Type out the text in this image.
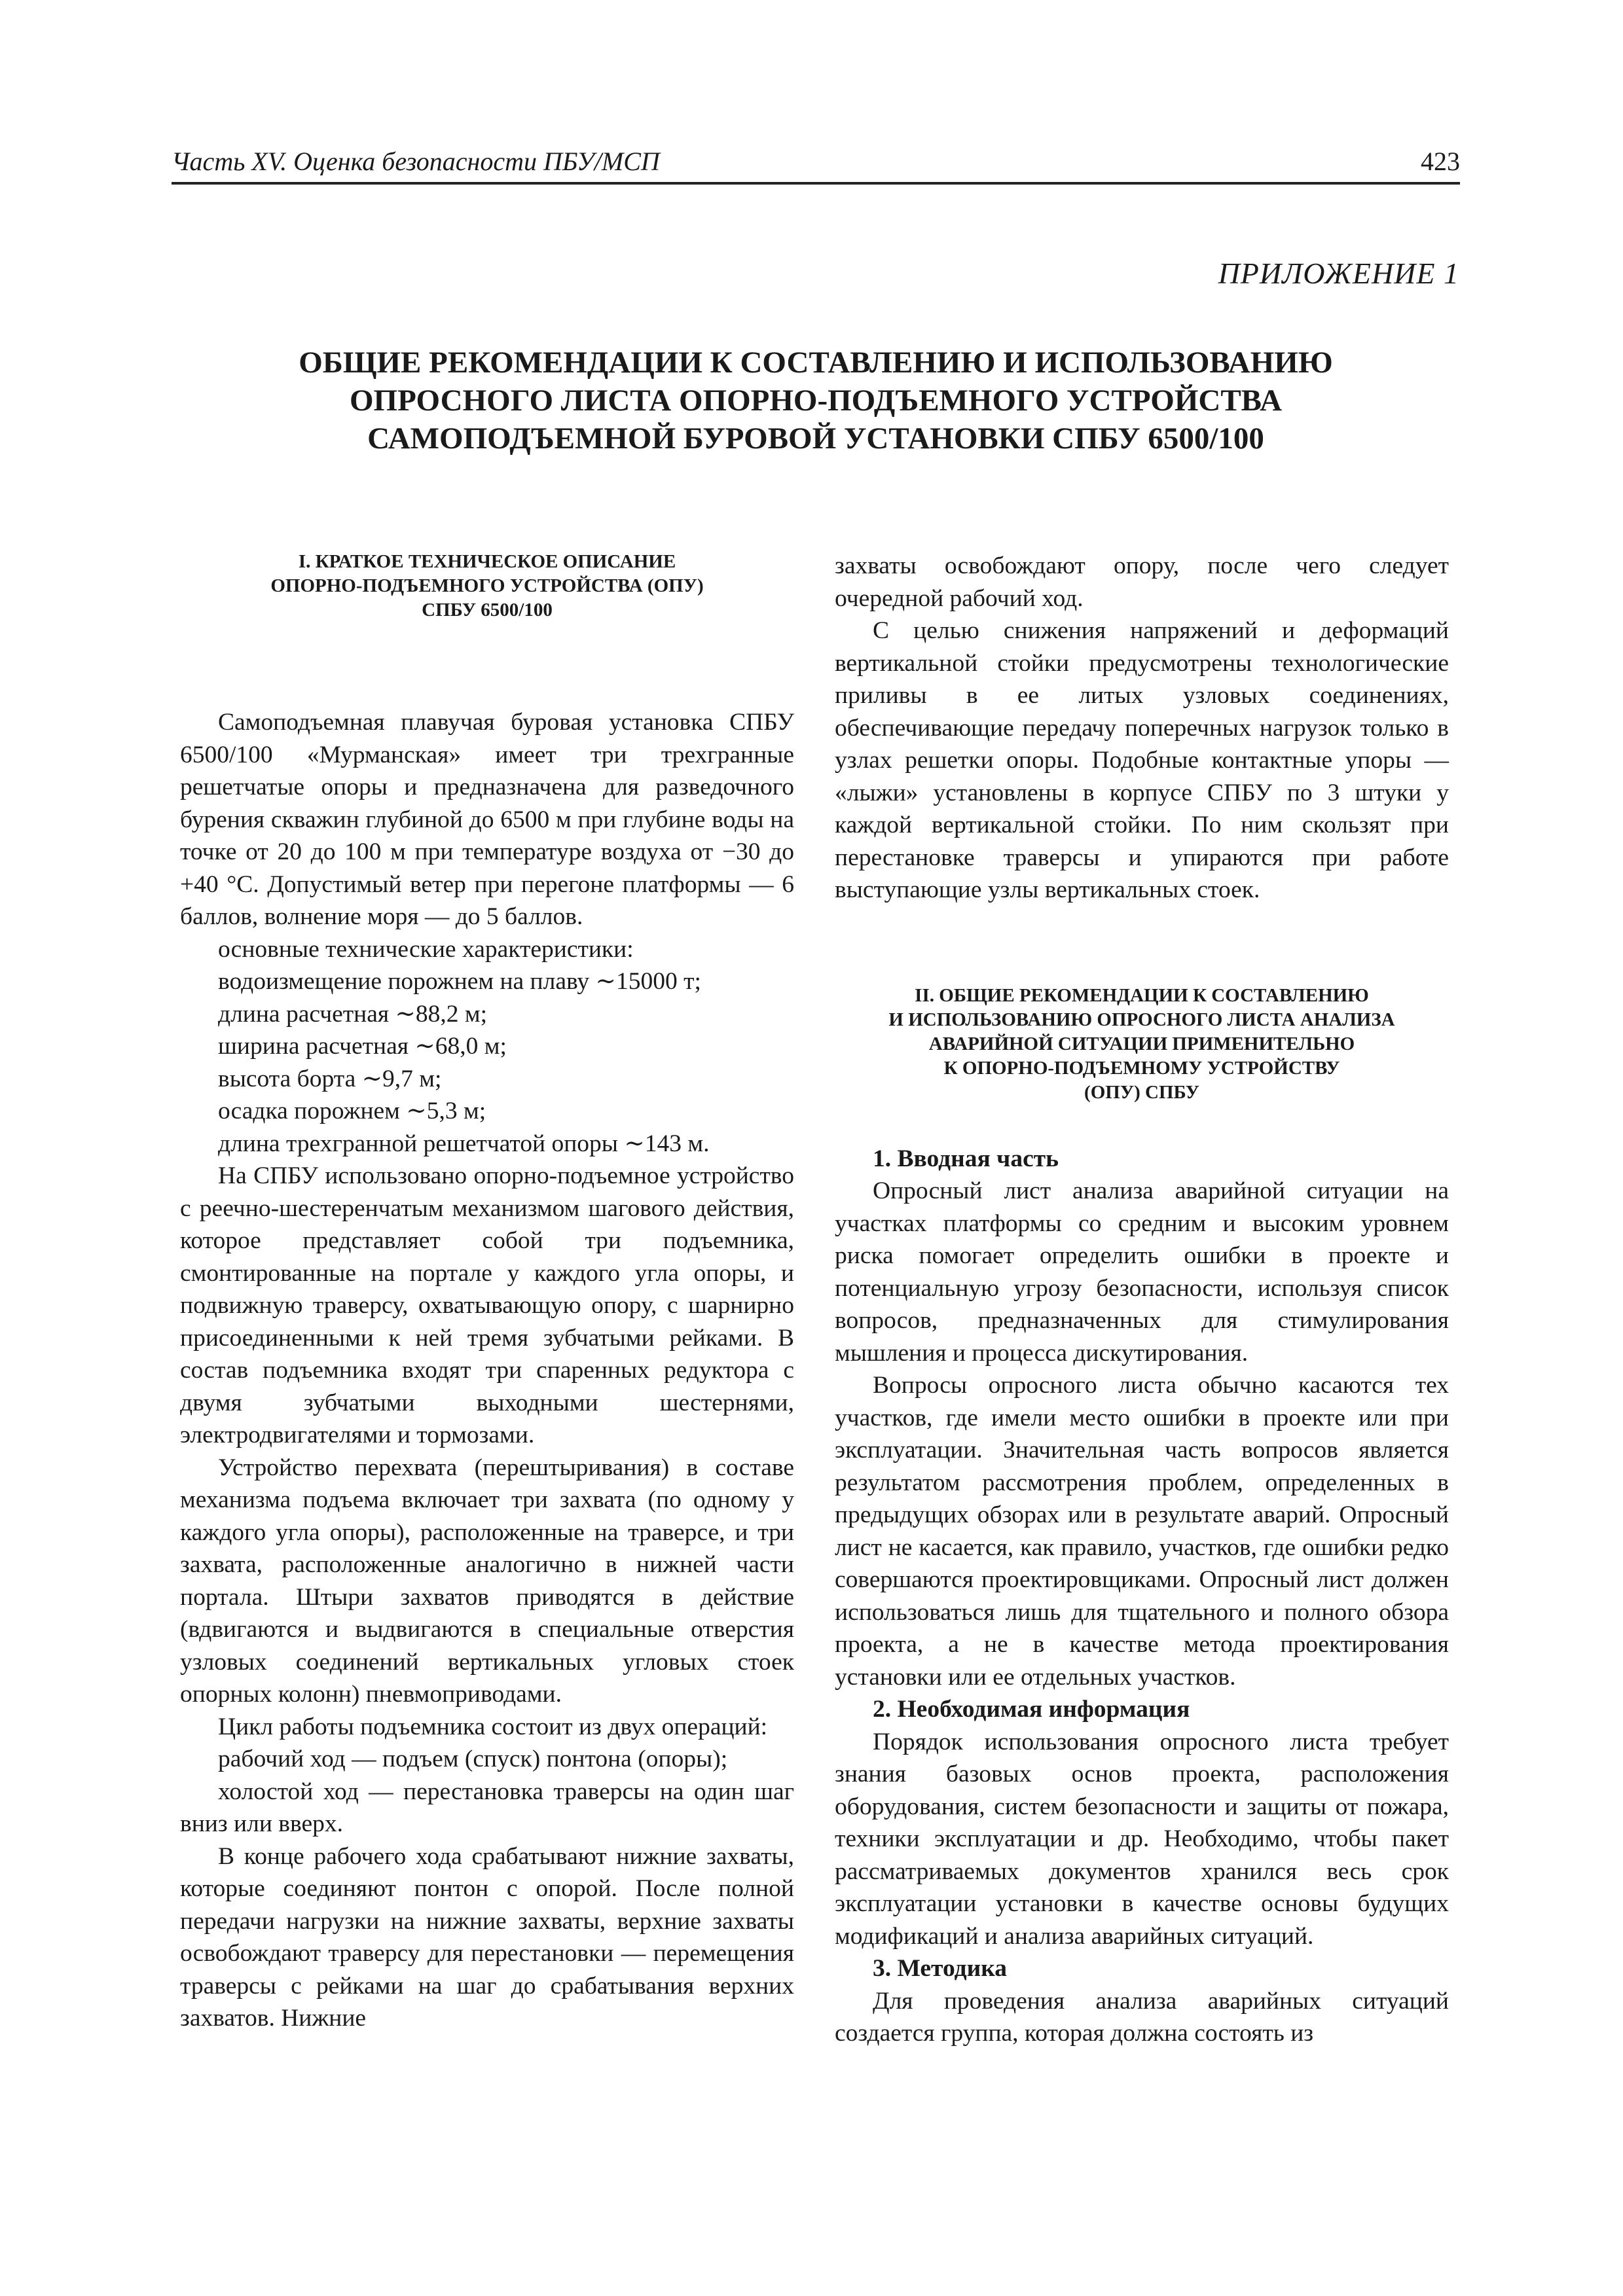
Часть XV. Оценка безопасности ПБУ/МСП	423
ПРИЛОЖЕНИЕ 1
ОБЩИЕ РЕКОМЕНДАЦИИ К СОСТАВЛЕНИЮ И ИСПОЛЬЗОВАНИЮ
ОПРОСНОГО ЛИСТА ОПОРНО-ПОДЪЕМНОГО УСТРОЙСТВА
САМОПОДЪЕМНОЙ БУРОВОЙ УСТАНОВКИ СПБУ 6500/100
I. КРАТКОЕ ТЕХНИЧЕСКОЕ ОПИСАНИЕ
ОПОРНО-ПОДЪЕМНОГО УСТРОЙСТВА (ОПУ)
СПБУ 6500/100

Самоподъемная плавучая буровая установка СПБУ 6500/100 «Мурманская» имеет три трехгранные решетчатые опоры и предназначена для разведочного бурения скважин глубиной до 6500 м при глубине воды на точке от 20 до 100 м при температуре воздуха от −30 до +40 °С. Допустимый ветер при перегоне платформы — 6 баллов, волнение моря — до 5 баллов.

основные технические характеристики:

водоизмещение порожнем на плаву ∼15000 т;

длина расчетная ∼88,2 м;

ширина расчетная ∼68,0 м;

высота борта ∼9,7 м;

осадка порожнем ∼5,3 м;

длина трехгранной решетчатой опоры ∼143 м.

На СПБУ использовано опорно-подъемное устройство с реечно-шестеренчатым механизмом шагового действия, которое представляет собой три подъемника, смонтированные на портале у каждого угла опоры, и подвижную траверсу, охватывающую опору, с шарнирно присоединенными к ней тремя зубчатыми рейками. В состав подъемника входят три спаренных редуктора с двумя зубчатыми выходными шестернями, электродвигателями и тормозами.

Устройство перехвата (перештыривания) в составе механизма подъема включает три захвата (по одному у каждого угла опоры), расположенные на траверсе, и три захвата, расположенные аналогично в нижней части портала. Штыри захватов приводятся в действие (вдвигаются и выдвигаются в специальные отверстия узловых соединений вертикальных угловых стоек опорных колонн) пневмоприводами.

Цикл работы подъемника состоит из двух операций:

рабочий ход — подъем (спуск) понтона (опоры);

холостой ход — перестановка траверсы на один шаг вниз или вверх.

В конце рабочего хода срабатывают нижние захваты, которые соединяют понтон с опорой. После полной передачи нагрузки на нижние захваты, верхние захваты освобождают траверсу для перестановки — перемещения траверсы с рейками на шаг до срабатывания верхних захватов. Нижние

захваты освобождают опору, после чего следует очередной рабочий ход.

С целью снижения напряжений и деформаций вертикальной стойки предусмотрены технологические приливы в ее литых узловых соединениях, обеспечивающие передачу поперечных нагрузок только в узлах решетки опоры. Подобные контактные упоры — «лыжи» установлены в корпусе СПБУ по 3 штуки у каждой вертикальной стойки. По ним скользят при перестановке траверсы и упираются при работе выступающие узлы вертикальных стоек.

II. ОБЩИЕ РЕКОМЕНДАЦИИ К СОСТАВЛЕНИЮ
И ИСПОЛЬЗОВАНИЮ ОПРОСНОГО ЛИСТА АНАЛИЗА
АВАРИЙНОЙ СИТУАЦИИ ПРИМЕНИТЕЛЬНО
К ОПОРНО-ПОДЪЕМНОМУ УСТРОЙСТВУ
(ОПУ) СПБУ

1. Вводная часть

Опросный лист анализа аварийной ситуации на участках платформы со средним и высоким уровнем риска помогает определить ошибки в проекте и потенциальную угрозу безопасности, используя список вопросов, предназначенных для стимулирования мышления и процесса дискутирования.

Вопросы опросного листа обычно касаются тех участков, где имели место ошибки в проекте или при эксплуатации. Значительная часть вопросов является результатом рассмотрения проблем, определенных в предыдущих обзорах или в результате аварий. Опросный лист не касается, как правило, участков, где ошибки редко совершаются проектировщиками. Опросный лист должен использоваться лишь для тщательного и полного обзора проекта, а не в качестве метода проектирования установки или ее отдельных участков.

2. Необходимая информация

Порядок использования опросного листа требует знания базовых основ проекта, расположения оборудования, систем безопасности и защиты от пожара, техники эксплуатации и др. Необходимо, чтобы пакет рассматриваемых документов хранился весь срок эксплуатации установки в качестве основы будущих модификаций и анализа аварийных ситуаций.

3. Методика

Для проведения анализа аварийных ситуаций создается группа, которая должна состоять из
